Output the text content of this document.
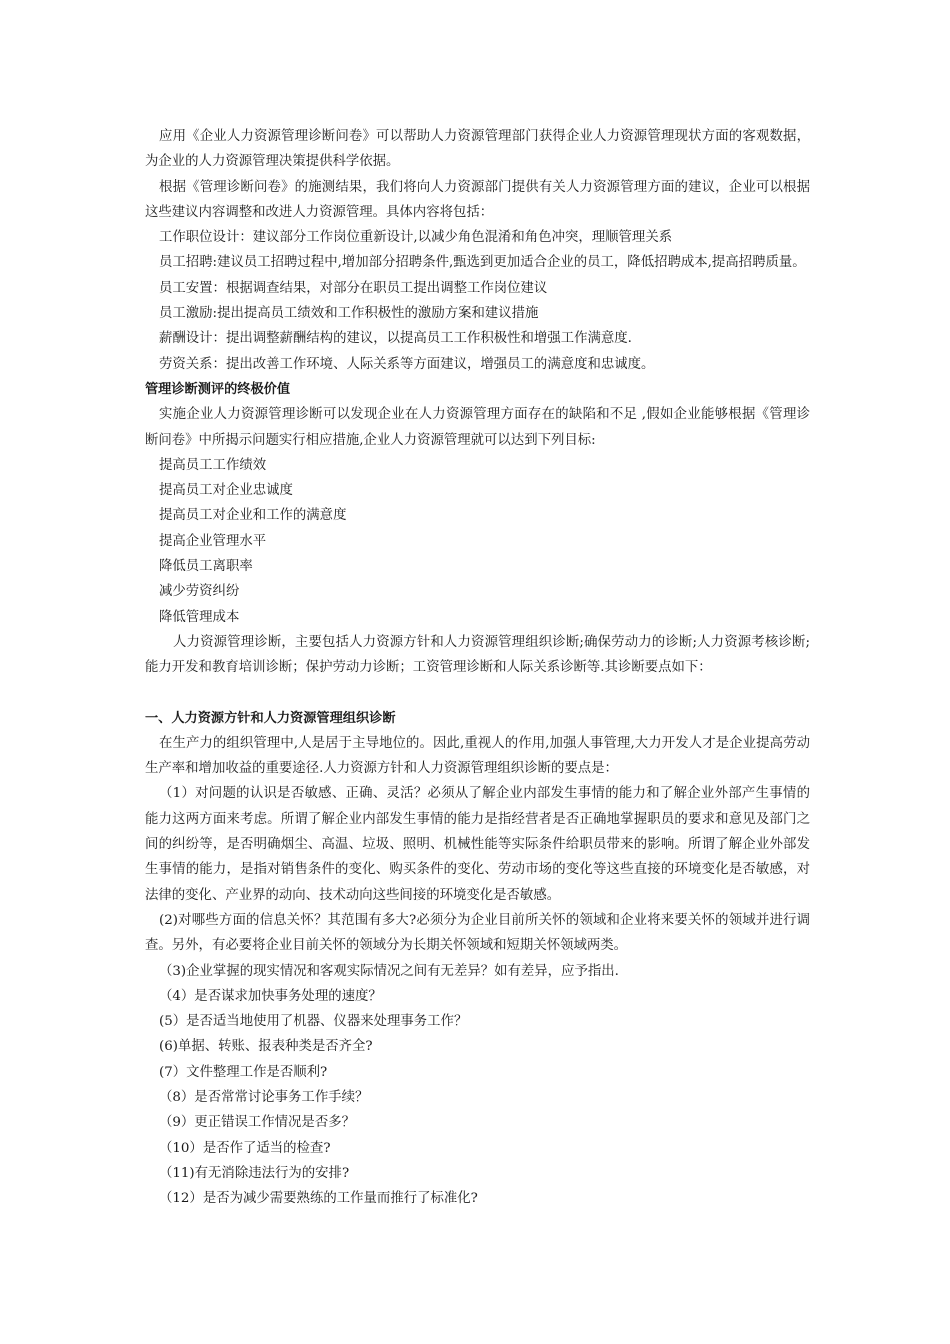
应用《企业人力资源管理诊断问卷》可以帮助人力资源管理部门获得企业人力资源管理现状方面的客观数据，为企业的人力资源管理决策提供科学依据。

根据《管理诊断问卷》的施测结果，我们将向人力资源部门提供有关人力资源管理方面的建议，企业可以根据这些建议内容调整和改进人力资源管理。具体内容将包括：

工作职位设计：建议部分工作岗位重新设计,以减少角色混淆和角色冲突，理顺管理关系

员工招聘:建议员工招聘过程中,增加部分招聘条件,甄选到更加适合企业的员工，降低招聘成本,提高招聘质量。

员工安置：根据调查结果，对部分在职员工提出调整工作岗位建议

员工激励:提出提高员工绩效和工作积极性的激励方案和建议措施

薪酬设计：提出调整薪酬结构的建议，以提高员工工作积极性和增强工作满意度.

劳资关系：提出改善工作环境、人际关系等方面建议，增强员工的满意度和忠诚度。

管理诊断测评的终极价值

实施企业人力资源管理诊断可以发现企业在人力资源管理方面存在的缺陷和不足 ,假如企业能够根据《管理诊断问卷》中所揭示问题实行相应措施,企业人力资源管理就可以达到下列目标:

提高员工工作绩效

提高员工对企业忠诚度

提高员工对企业和工作的满意度

提高企业管理水平

降低员工离职率

减少劳资纠纷

降低管理成本

人力资源管理诊断，主要包括人力资源方针和人力资源管理组织诊断;确保劳动力的诊断;人力资源考核诊断;能力开发和教育培训诊断；保护劳动力诊断；工资管理诊断和人际关系诊断等.其诊断要点如下：

一、人力资源方针和人力资源管理组织诊断

在生产力的组织管理中,人是居于主导地位的。因此,重视人的作用,加强人事管理,大力开发人才是企业提高劳动生产率和增加收益的重要途径.人力资源方针和人力资源管理组织诊断的要点是：

（1）对问题的认识是否敏感、正确、灵活？必须从了解企业内部发生事情的能力和了解企业外部产生事情的能力这两方面来考虑。所谓了解企业内部发生事情的能力是指经营者是否正确地掌握职员的要求和意见及部门之间的纠纷等，是否明确烟尘、高温、垃圾、照明、机械性能等实际条件给职员带来的影响。所谓了解企业外部发生事情的能力，是指对销售条件的变化、购买条件的变化、劳动市场的变化等这些直接的环境变化是否敏感，对法律的变化、产业界的动向、技术动向这些间接的环境变化是否敏感。

(2)对哪些方面的信息关怀？其范围有多大?必须分为企业目前所关怀的领域和企业将来要关怀的领域并进行调查。另外，有必要将企业目前关怀的领域分为长期关怀领域和短期关怀领域两类。

（3)企业掌握的现实情况和客观实际情况之间有无差异？如有差异，应予指出.

（4）是否谋求加快事务处理的速度？

(5）是否适当地使用了机器、仪器来处理事务工作？

(6)单据、转账、报表种类是否齐全?

(7）文件整理工作是否顺利?

（8）是否常常讨论事务工作手续？

（9）更正错误工作情况是否多？

（10）是否作了适当的检查?

（11)有无消除违法行为的安排?

（12）是否为减少需要熟练的工作量而推行了标准化?
